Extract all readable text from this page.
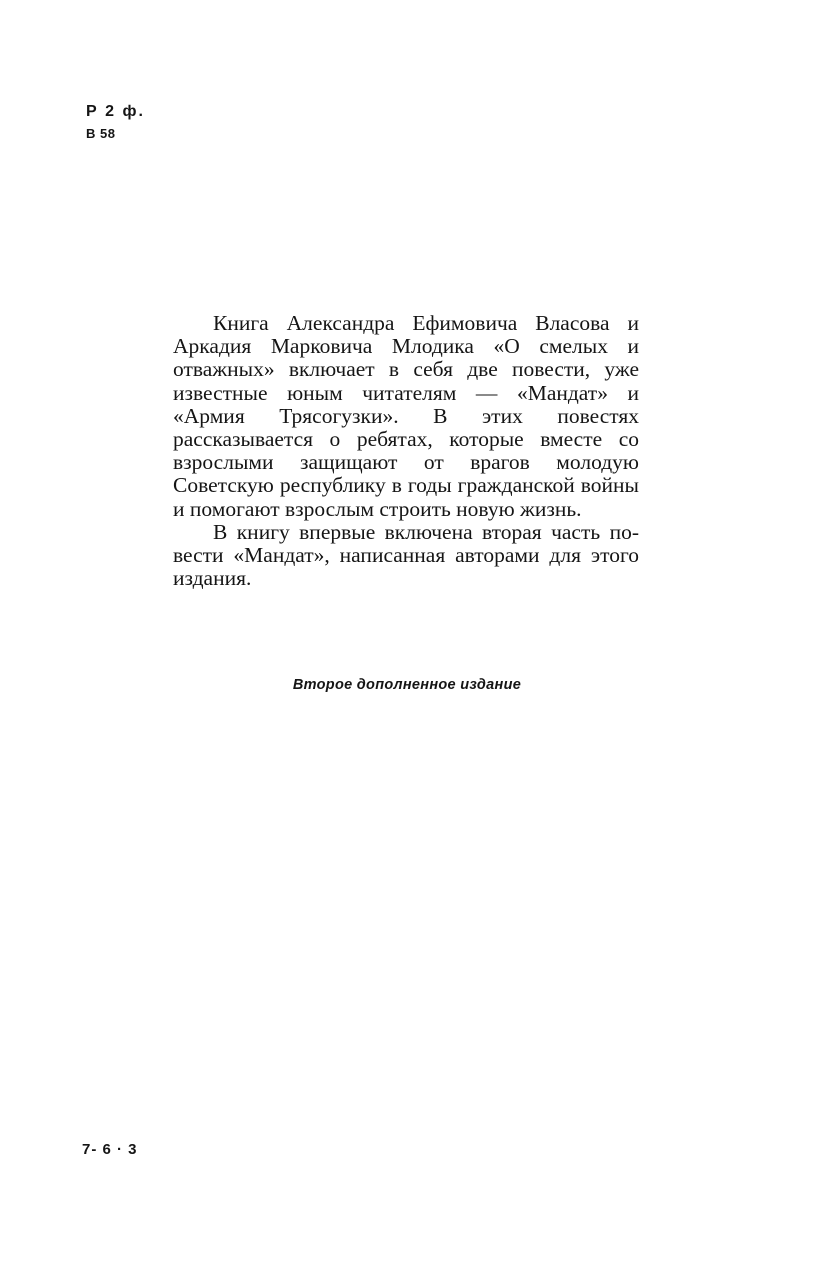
Р 2 ф.
В 58

Книга Александра Ефимовича Власова и Аркадия Марковича Млодика «О смелых и отважных» включает в себя две повести, уже известные юным читателям — «Мандат» и «Армия Трясогузки». В этих повестях рассказывается о ребятах, которые вместе со взрослыми защищают от врагов молодую Советскую республику в годы гражданской войны и помогают взрослым строить новую жизнь.

В книгу впервые включена вторая часть повести «Мандат», написанная авторами для этого издания.

Второе дополненное издание
7- 6 · 3
